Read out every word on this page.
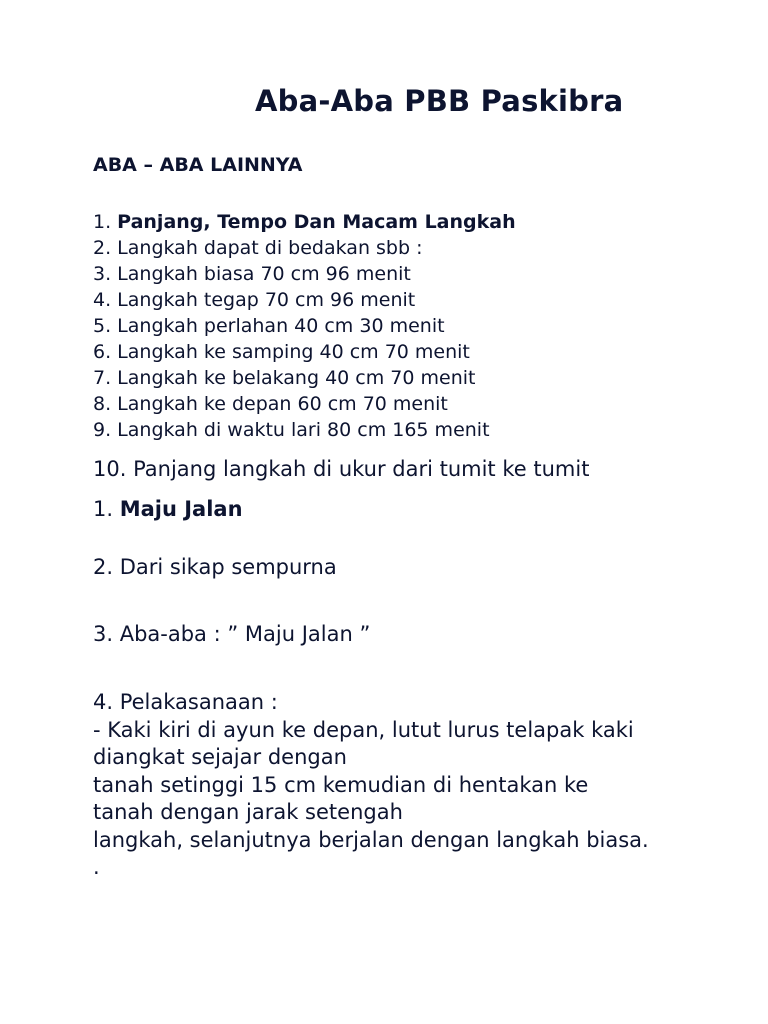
Aba-Aba PBB Paskibra
ABA – ABA LAINNYA
1. Panjang, Tempo Dan Macam Langkah
2. Langkah dapat di bedakan sbb :
3. Langkah biasa 70 cm 96 menit
4. Langkah tegap 70 cm 96 menit
5. Langkah perlahan 40 cm 30 menit
6. Langkah ke samping 40 cm 70 menit
7. Langkah ke belakang 40 cm 70 menit
8. Langkah ke depan 60 cm 70 menit
9. Langkah di waktu lari 80 cm 165 menit

10. Panjang langkah di ukur dari tumit ke tumit

1. Maju Jalan

2. Dari sikap sempurna

3. Aba-aba : ” Maju Jalan ”

4. Pelakasanaan :
- Kaki kiri di ayun ke depan, lutut lurus telapak kaki
diangkat sejajar dengan
tanah setinggi 15 cm kemudian di hentakan ke
tanah dengan jarak setengah
langkah, selanjutnya berjalan dengan langkah biasa.
.
